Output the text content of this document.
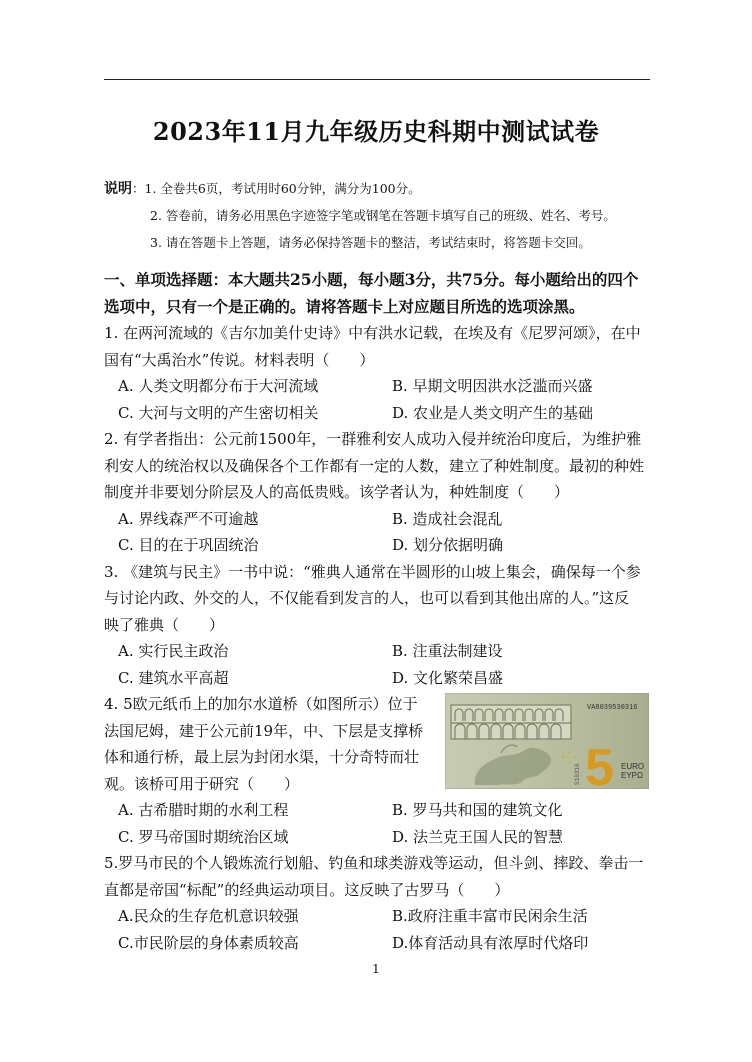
2023年11月九年级历史科期中测试试卷
说明：1. 全卷共6页，考试用时60分钟，满分为100分。
2. 答卷前，请务必用黑色字迹签字笔或钢笔在答题卡填写自己的班级、姓名、考号。
3. 请在答题卡上答题，请务必保持答题卡的整洁，考试结束时，将答题卡交回。

一、单项选择题：本大题共25小题，每小题3分，共75分。每小题给出的四个

选项中，只有一个是正确的。请将答题卡上对应题目所选的选项涂黑。

1. 在两河流域的《吉尔加美什史诗》中有洪水记载，在埃及有《尼罗河颂》，在中
国有“大禹治水”传说。材料表明（　　）
A. 人类文明都分布于大河流域	B. 早期文明因洪水泛滥而兴盛
C. 大河与文明的产生密切相关	D. 农业是人类文明产生的基础
2. 有学者指出：公元前1500年，一群雅利安人成功入侵并统治印度后，为维护雅
利安人的统治权以及确保各个工作都有一定的人数，建立了种姓制度。最初的种姓
制度并非要划分阶层及人的高低贵贱。该学者认为，种姓制度（　　）
A. 界线森严不可逾越	B. 造成社会混乱
C. 目的在于巩固统治	D. 划分依据明确
3. 《建筑与民主》一书中说：“雅典人通常在半圆形的山坡上集会，确保每一个参
与讨论内政、外交的人，不仅能看到发言的人，也可以看到其他出席的人。”这反
映了雅典（　　）
A. 实行民主政治	B. 注重法制建设
C. 建筑水平高超	D. 文化繁荣昌盛
4. 5欧元纸币上的加尔水道桥（如图所示）位于
法国尼姆，建于公元前19年，中、下层是支撑桥
体和通行桥，最上层为封闭水渠，十分奇特而壮
观。该桥可用于研究（　　）	5 EURO
EYPΩ
VA8039530316
S10316
A. 古希腊时期的水利工程	B. 罗马共和国的建筑文化
C. 罗马帝国时期统治区域	D. 法兰克王国人民的智慧
5.罗马市民的个人锻炼流行划船、钓鱼和球类游戏等运动，但斗剑、摔跤、拳击一
直都是帝国“标配”的经典运动项目。这反映了古罗马（　　）
A.民众的生存危机意识较强	B.政府注重丰富市民闲余生活
C.市民阶层的身体素质较高	D.体育活动具有浓厚时代烙印
1
